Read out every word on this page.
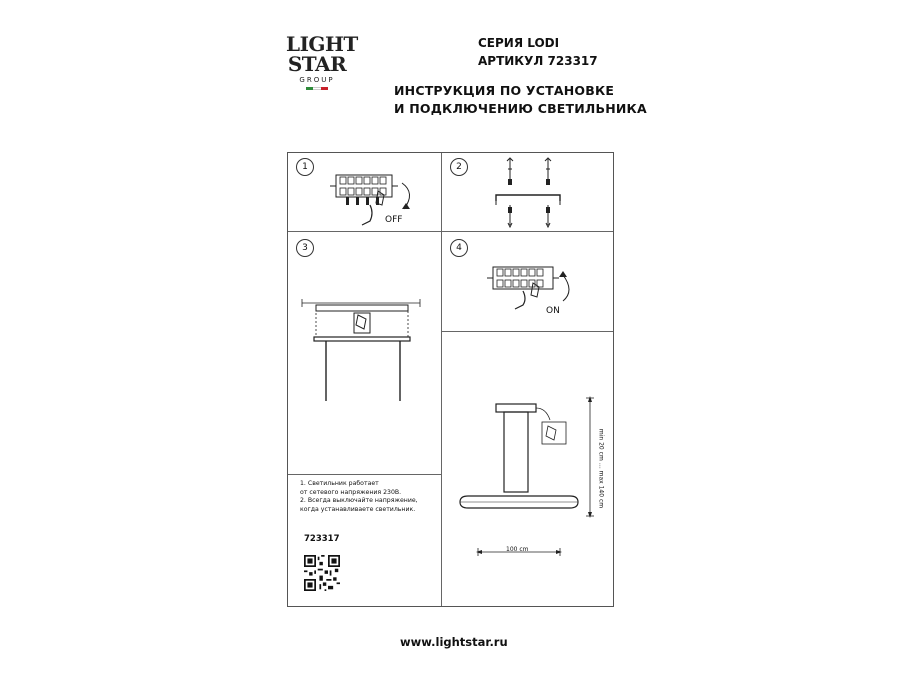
LIGHT
STAR
GROUP
СЕРИЯ LODI
АРТИКУЛ 723317
ИНСТРУКЦИЯ ПО УСТАНОВКЕ
И ПОДКЛЮЧЕНИЮ СВЕТИЛЬНИКА
1
OFF
2
3	4
ON
1. Светильник работает
от сетевого напряжения 230В.
2. Всегда выключайте напряжение,
когда устанавливаете светильник.
723317
100 cm
min 20 cm … max 140 cm
www.lightstar.ru
